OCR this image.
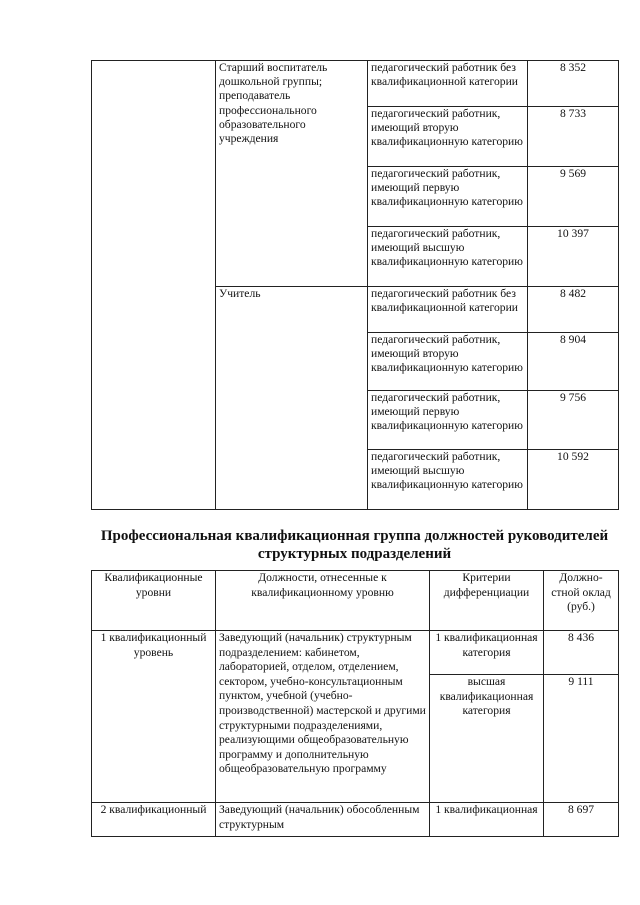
	Старший воспитатель дошкольной группы; преподаватель профессионального образовательного учреждения	педагогический работник без квалификационной категории	8 352
		педагогический работник, имеющий вторую квалификационную категорию	8 733
		педагогический работник, имеющий первую квалификационную категорию	9 569
		педагогический работник, имеющий высшую квалификационную категорию	10 397
	Учитель	педагогический работник без квалификационной категории	8 482
		педагогический работник, имеющий вторую квалификационную категорию	8 904
		педагогический работник, имеющий первую квалификационную категорию	9 756
		педагогический работник, имеющий высшую квалификационную категорию	10 592
Профессиональная квалификационная группа должностей руководителей структурных подразделений
Квалификационные уровни	Должности, отнесенные к квалификационному уровню	Критерии дифференциации	Должно-стной оклад (руб.)
1 квалификационный уровень	Заведующий (начальник) структурным подразделением: кабинетом, лабораторией, отделом, отделением, сектором, учебно-консультационным пунктом, учебной (учебно-производственной) мастерской и другими структурными подразделениями, реализующими общеобразовательную программу и дополнительную общеобразовательную программу	1 квалификационная категория	8 436
		высшая квалификационная категория	9 111
2 квалификационный	Заведующий (начальник) обособленным структурным	1 квалификационная	8 697
